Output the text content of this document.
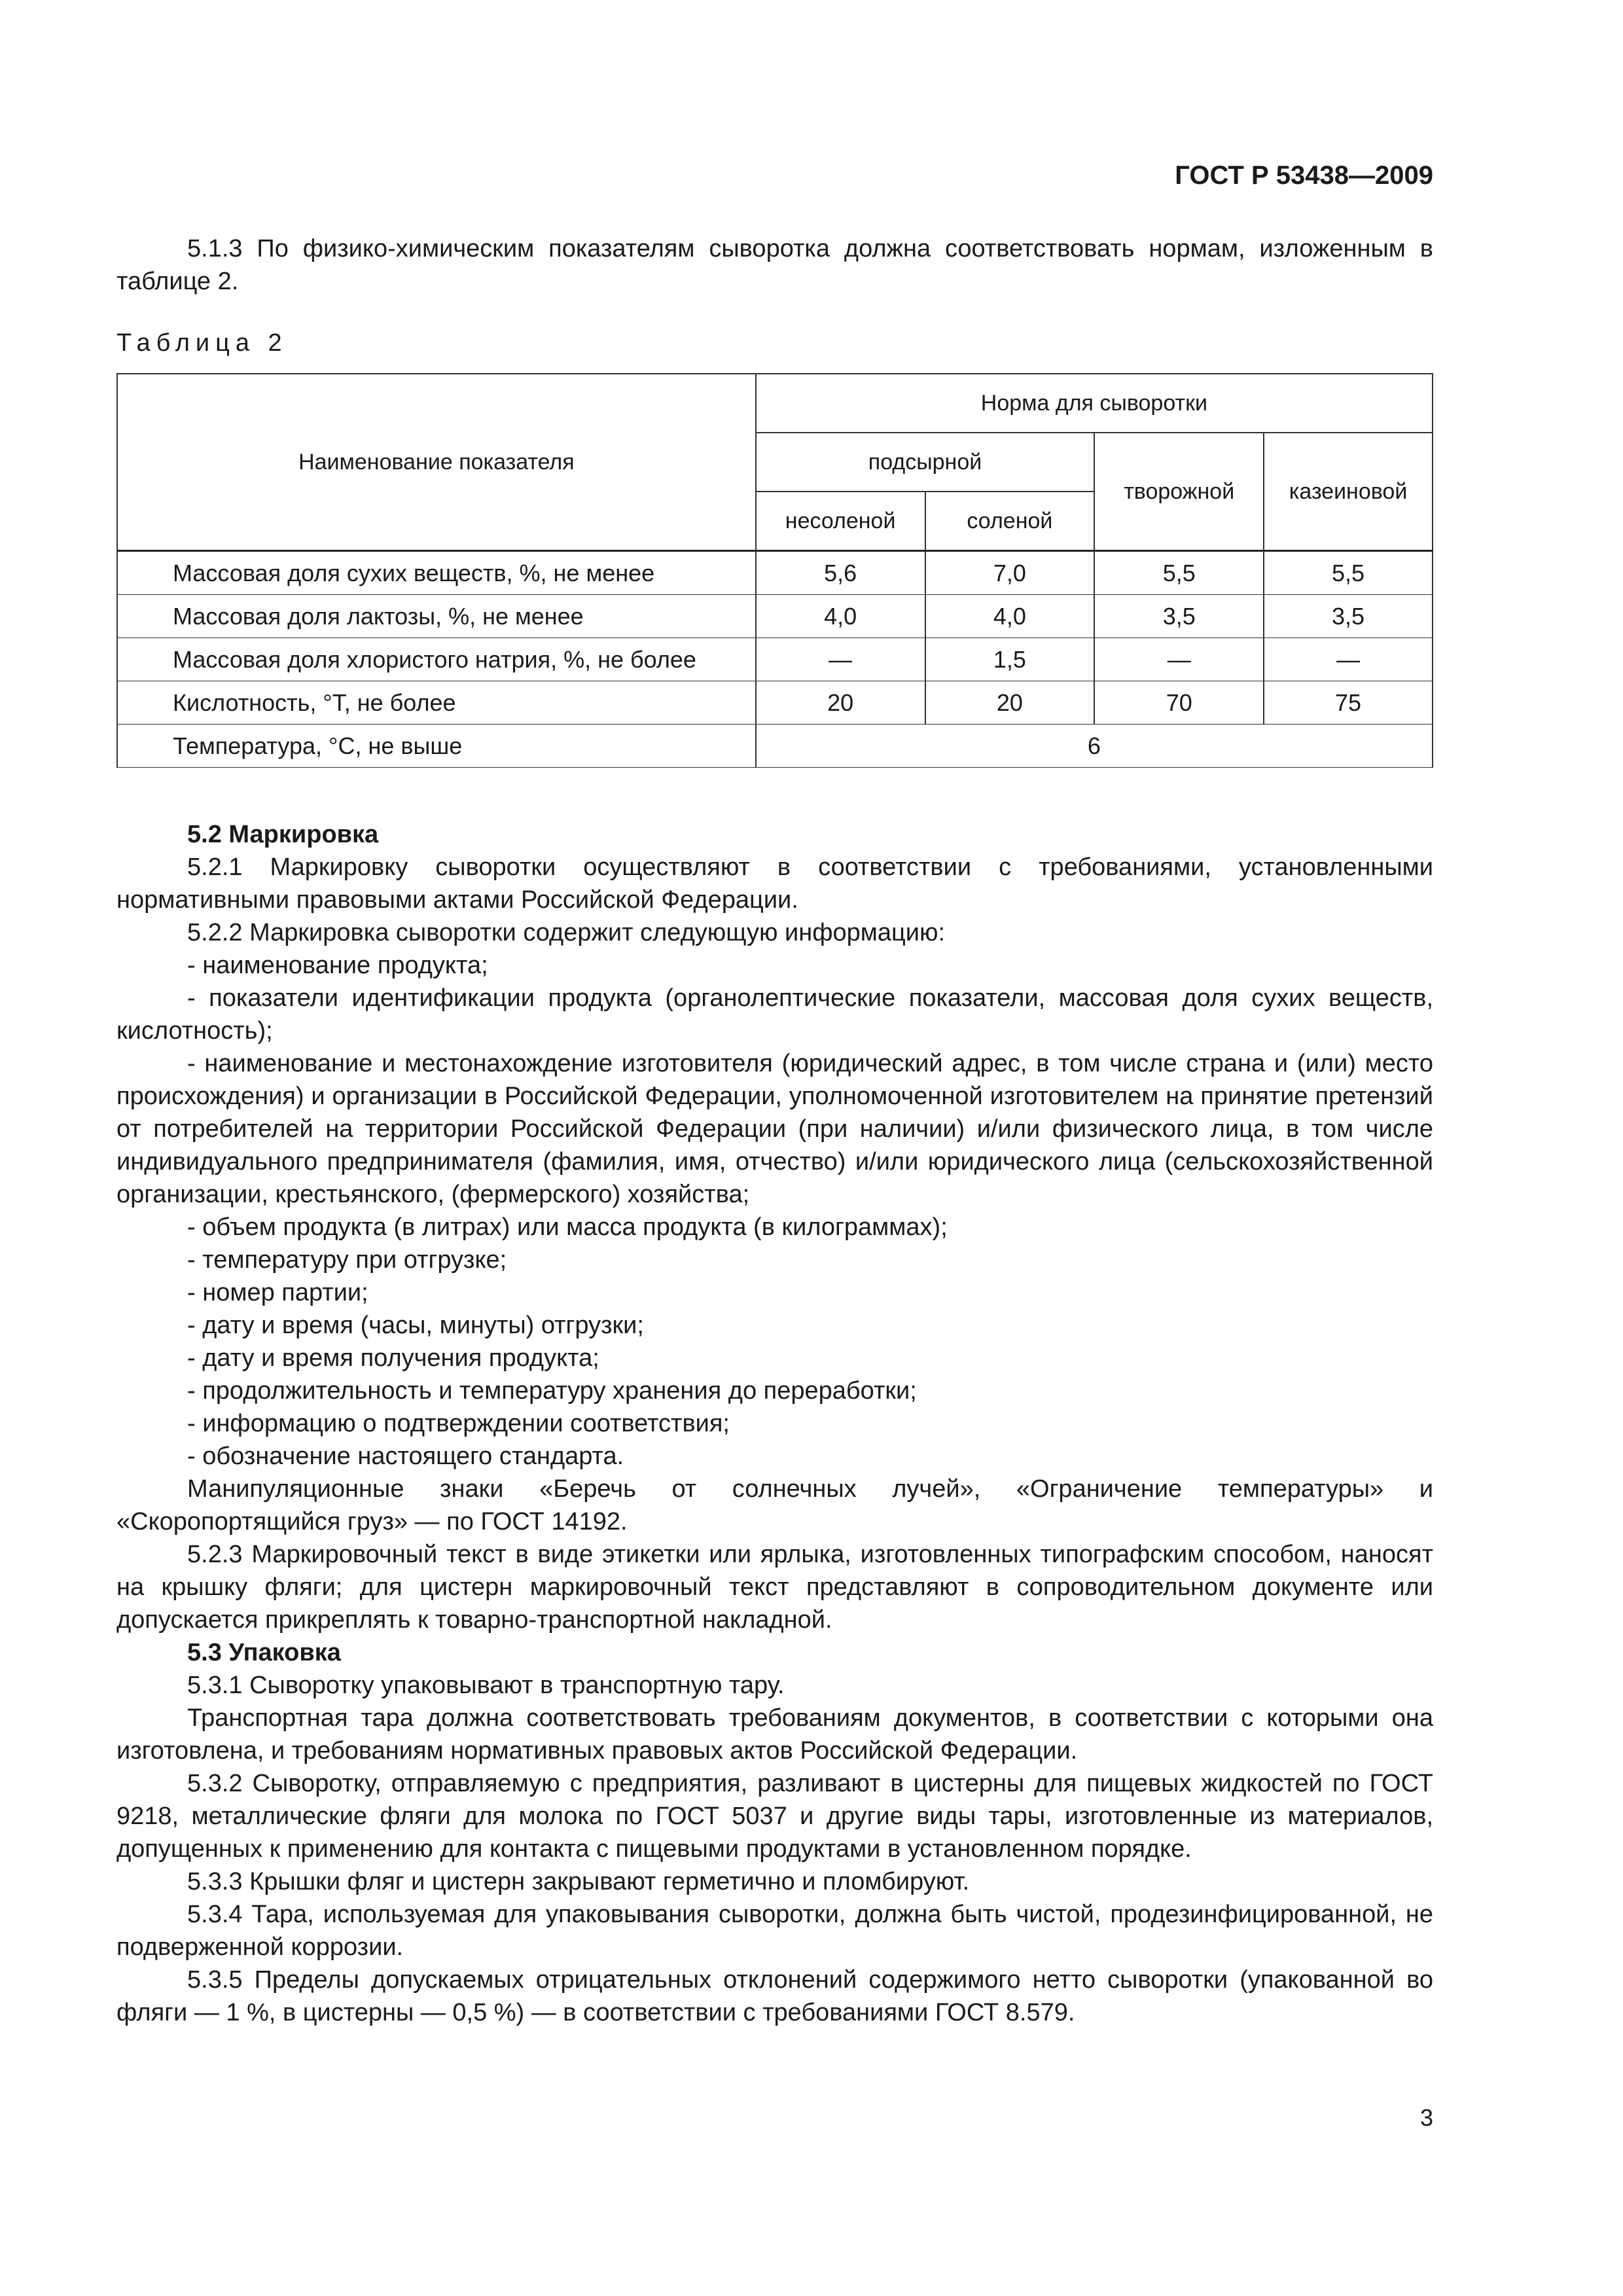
ГОСТ Р 53438—2009

5.1.3 По физико-химическим показателям сыворотка должна соответствовать нормам, изложенным в таблице 2.

Таблица 2
Наименование показателя	Норма для сыворотки			
	подсырной		творожной	казеиновой
	несоленой	соленой		
Массовая доля сухих веществ, %, не менее	5,6	7,0	5,5	5,5
Массовая доля лактозы, %, не менее	4,0	4,0	3,5	3,5
Массовая доля хлористого натрия, %, не более	—	1,5	—	—
Кислотность, °Т, не более	20	20	70	75
Температура, °С, не выше	6			

5.2 Маркировка

5.2.1 Маркировку сыворотки осуществляют в соответствии с требованиями, установленными нормативными правовыми актами Российской Федерации.

5.2.2 Маркировка сыворотки содержит следующую информацию:

- наименование продукта;

- показатели идентификации продукта (органолептические показатели, массовая доля сухих веществ, кислотность);

- наименование и местонахождение изготовителя (юридический адрес, в том числе страна и (или) место происхождения) и организации в Российской Федерации, уполномоченной изготовителем на принятие претензий от потребителей на территории Российской Федерации (при наличии) и/или физического лица, в том числе индивидуального предпринимателя (фамилия, имя, отчество) и/или юридического лица (сельскохозяйственной организации, крестьянского, (фермерского) хозяйства;

- объем продукта (в литрах) или масса продукта (в килограммах);

- температуру при отгрузке;

- номер партии;

- дату и время (часы, минуты) отгрузки;

- дату и время получения продукта;

- продолжительность и температуру хранения до переработки;

- информацию о подтверждении соответствия;

- обозначение настоящего стандарта.

Манипуляционные знаки «Беречь от солнечных лучей», «Ограничение температуры» и «Скоропортящийся груз» — по ГОСТ 14192.

5.2.3 Маркировочный текст в виде этикетки или ярлыка, изготовленных типографским способом, наносят на крышку фляги; для цистерн маркировочный текст представляют в сопроводительном документе или допускается прикреплять к товарно-транспортной накладной.

5.3 Упаковка

5.3.1 Сыворотку упаковывают в транспортную тару.

Транспортная тара должна соответствовать требованиям документов, в соответствии с которыми она изготовлена, и требованиям нормативных правовых актов Российской Федерации.

5.3.2 Сыворотку, отправляемую с предприятия, разливают в цистерны для пищевых жидкостей по ГОСТ 9218, металлические фляги для молока по ГОСТ 5037 и другие виды тары, изготовленные из материалов, допущенных к применению для контакта с пищевыми продуктами в установленном порядке.

5.3.3 Крышки фляг и цистерн закрывают герметично и пломбируют.

5.3.4 Тара, используемая для упаковывания сыворотки, должна быть чистой, продезинфицированной, не подверженной коррозии.

5.3.5 Пределы допускаемых отрицательных отклонений содержимого нетто сыворотки (упакованной во фляги — 1 %, в цистерны — 0,5 %) — в соответствии с требованиями ГОСТ 8.579.

3
